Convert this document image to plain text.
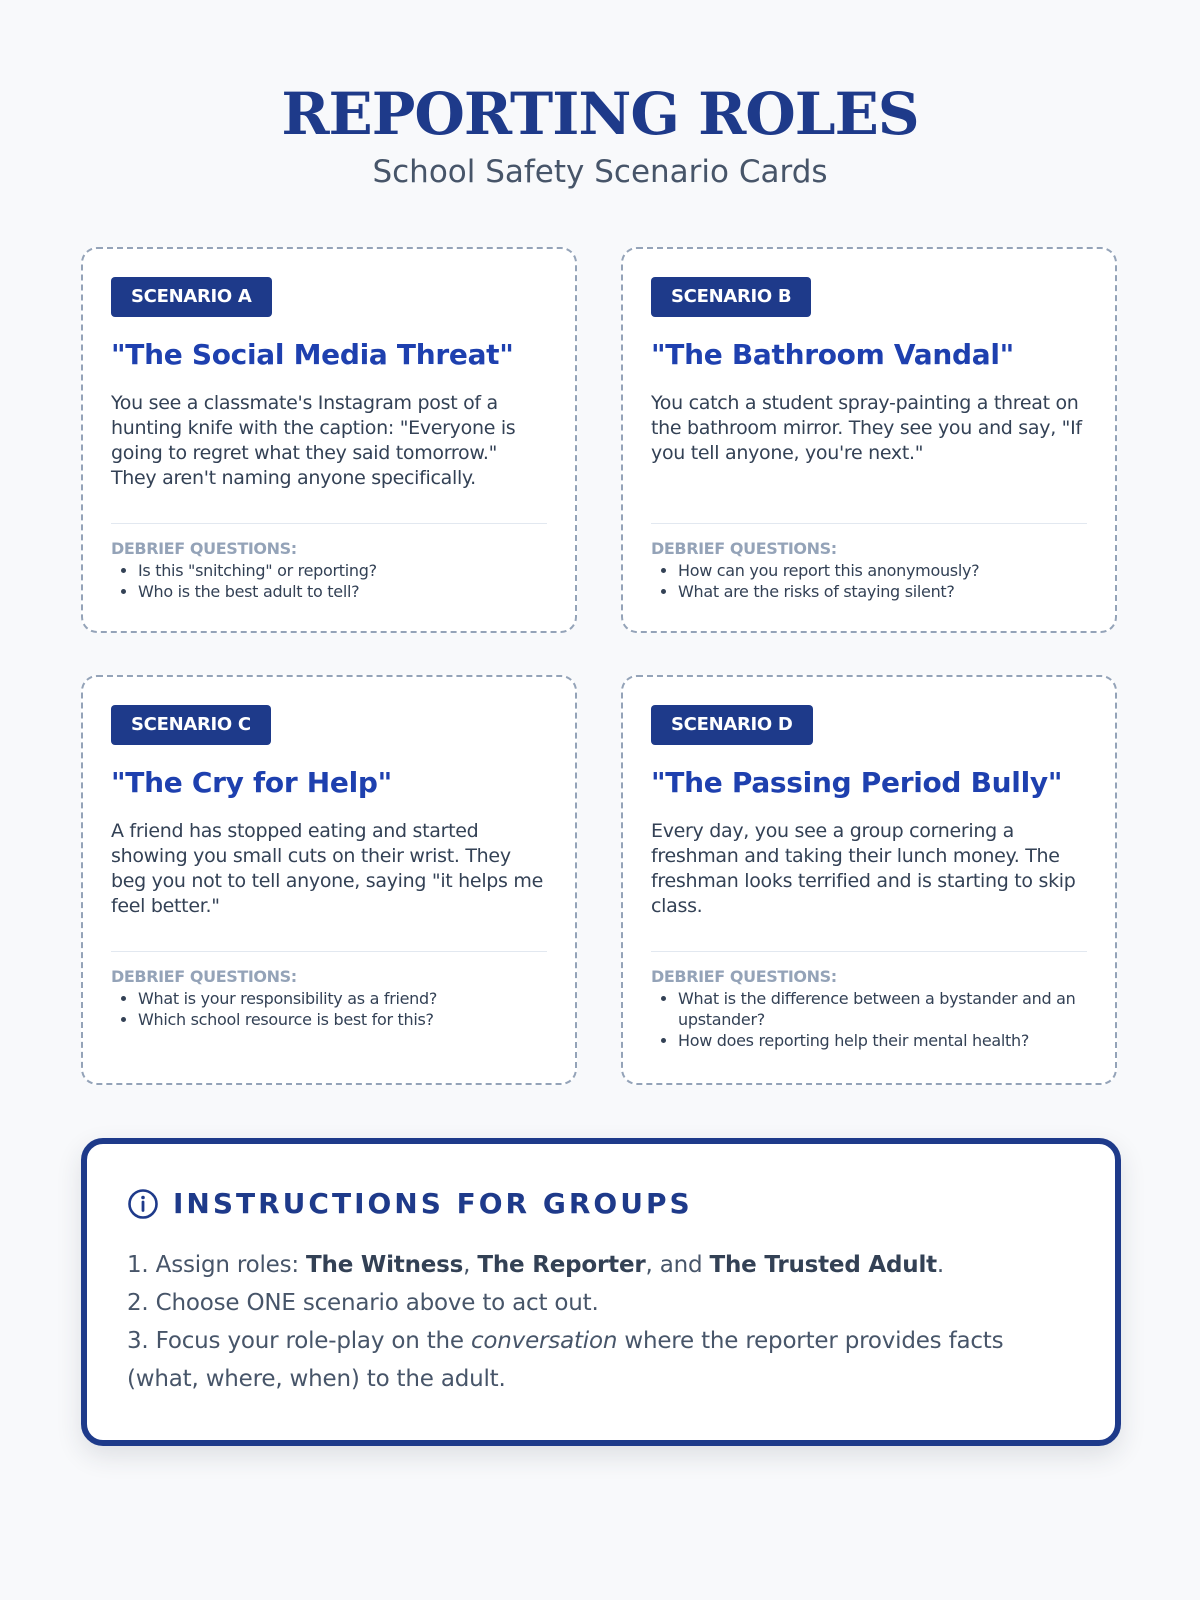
REPORTING ROLES
School Safety Scenario Cards
SCENARIO A
"The Social Media Threat"
You see a classmate's Instagram post of a hunting knife with the caption: "Everyone is going to regret what they said tomorrow." They aren't naming anyone specifically.
DEBRIEF QUESTIONS:
• Is this "snitching" or reporting?
• Who is the best adult to tell?
SCENARIO B
"The Bathroom Vandal"
You catch a student spray-painting a threat on the bathroom mirror. They see you and say, "If you tell anyone, you're next."
DEBRIEF QUESTIONS:
• How can you report this anonymously?
• What are the risks of staying silent?
SCENARIO C
"The Cry for Help"
A friend has stopped eating and started showing you small cuts on their wrist. They beg you not to tell anyone, saying "it helps me feel better."
DEBRIEF QUESTIONS:
• What is your responsibility as a friend?
• Which school resource is best for this?
SCENARIO D
"The Passing Period Bully"
Every day, you see a group cornering a freshman and taking their lunch money. The freshman looks terrified and is starting to skip class.
DEBRIEF QUESTIONS:
• What is the difference between a bystander and an upstander?
• How does reporting help their mental health?
INSTRUCTIONS FOR GROUPS
1. Assign roles: The Witness, The Reporter, and The Trusted Adult.
2. Choose ONE scenario above to act out.
3. Focus your role-play on the conversation where the reporter provides facts (what, where, when) to the adult.
